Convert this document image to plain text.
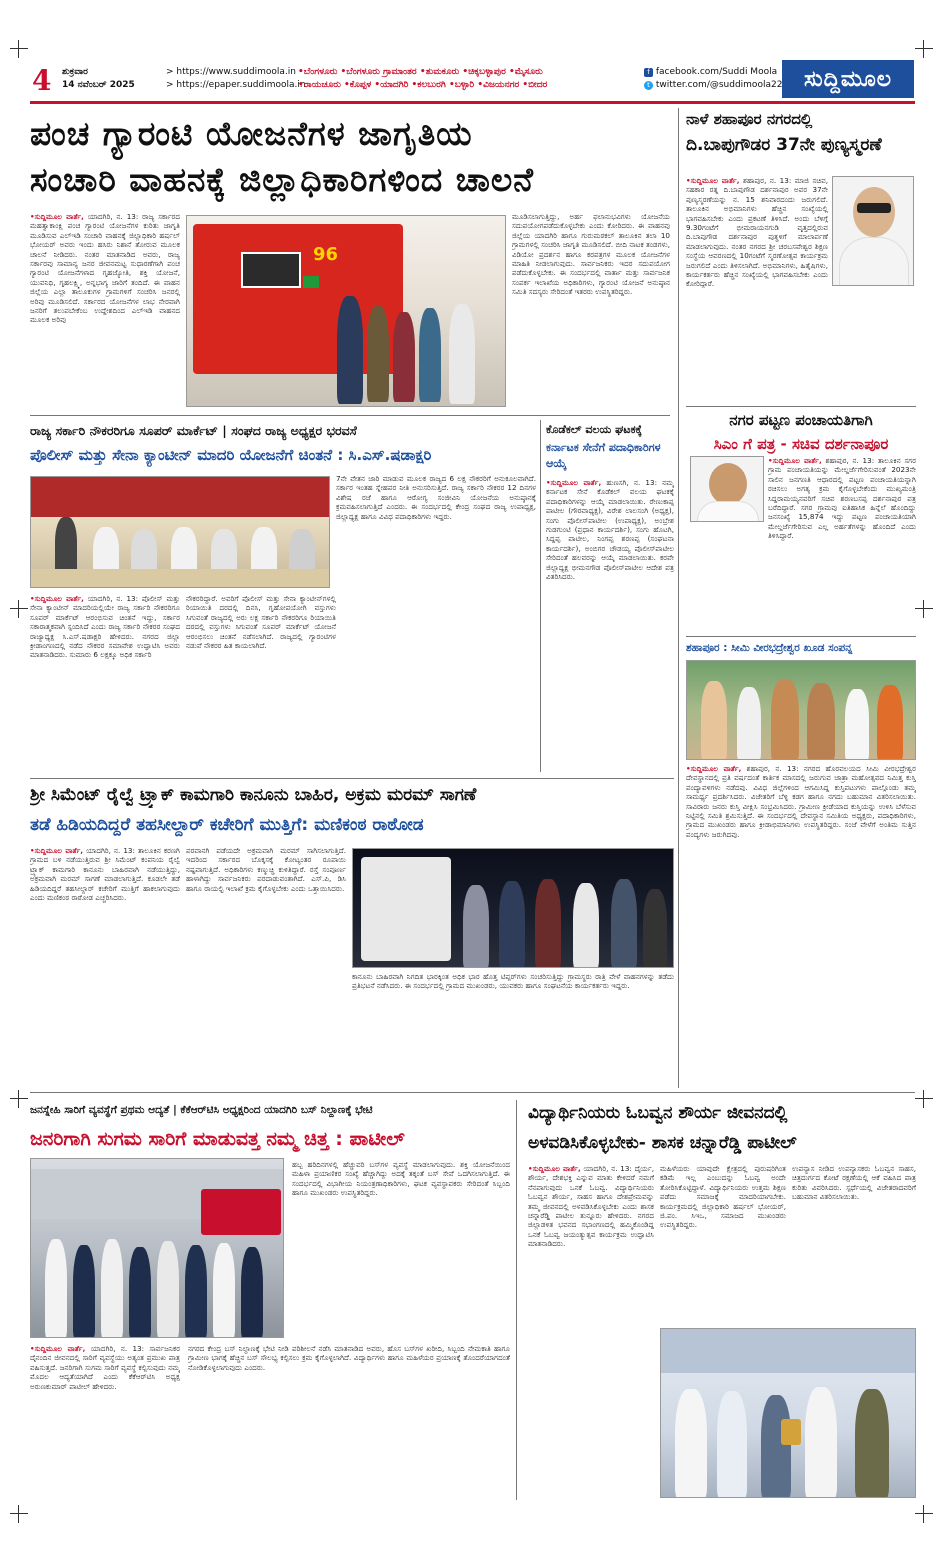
4 ಶುಕ್ರವಾರ
14 ನವೆಂಬರ್ 2025
> https://www.suddimoola.in
> https://epaper.suddimoola.in
•ಬೆಂಗಳೂರು •ಬೆಂಗಳೂರು ಗ್ರಾಮಾಂತರ •ತುಮಕೂರು •ಚಿಕ್ಕಬಳ್ಳಾಪುರ •ಮೈಸೂರು
•ರಾಯಚೂರು •ಕೊಪ್ಪಳ •ಯಾದಗಿರಿ •ಕಲಬುರಗಿ •ಬಳ್ಳಾರಿ •ವಿಜಯನಗರ •ಬೀದರ
f facebook.com/Suddi Moola
t twitter.com/@suddimoola22 ಸುದ್ದಿಮೂಲ
ಪಂಚ ಗ್ಯಾರಂಟಿ ಯೋಜನೆಗಳ ಜಾಗೃತಿಯ
ಸಂಚಾರಿ ವಾಹನಕ್ಕೆ ಜಿಲ್ಲಾಧಿಕಾರಿಗಳಿಂದ ಚಾಲನೆ
•ಸುದ್ದಿಮೂಲ ವಾರ್ತೆ, ಯಾದಗಿರಿ, ನ. 13: ರಾಜ್ಯ ಸರ್ಕಾರದ ಮಹತ್ವಾಕಾಂಕ್ಷಿ ಪಂಚ ಗ್ಯಾರಂಟಿ ಯೋಜನೆಗಳ ಕುರಿತು ಜಾಗೃತಿ ಮೂಡಿಸುವ ಎಲ್‌ಇಡಿ ಸಂಚಾರಿ ವಾಹನಕ್ಕೆ ಜಿಲ್ಲಾಧಿಕಾರಿ ಹರ್ಷಲ್ ಭೋಯರ್ ಅವರು ಇಂದು ಹಸಿರು ನಿಶಾನೆ ತೋರುವ ಮೂಲಕ ಚಾಲನೆ ನೀಡಿದರು. ನಂತರ ಮಾತನಾಡಿದ ಅವರು, ರಾಜ್ಯ ಸರ್ಕಾರವು ಸಾಮಾನ್ಯ ಜನರ ಜೀವನಮಟ್ಟ ಸುಧಾರಣೆಗಾಗಿ ಪಂಚ ಗ್ಯಾರಂಟಿ ಯೋಜನೆಗಳಾದ ಗೃಹಜ್ಯೋತಿ, ಶಕ್ತಿ ಯೋಜನೆ, ಯುವನಿಧಿ, ಗೃಹಲಕ್ಷ್ಮಿ, ಅನ್ನಭಾಗ್ಯ ಜಾರಿಗೆ ತಂದಿದೆ. ಈ ವಾಹನ ಜಿಲ್ಲೆಯ ಎಲ್ಲಾ ತಾಲೂಕುಗಳ ಗ್ರಾಮಗಳಿಗೆ ಸಂಚರಿಸಿ ಜನರಲ್ಲಿ ಅರಿವು ಮೂಡಿಸಲಿದೆ. ಸರ್ಕಾರದ ಯೋಜನೆಗಳ ಲಾಭ ನೇರವಾಗಿ ಜನರಿಗೆ ತಲುಪಬೇಕೆಂಬ ಉದ್ದೇಶದಿಂದ ಎಲ್‌ಇಡಿ ವಾಹನದ ಮೂಲಕ ಅರಿವು
96
ಮೂಡಿಸಲಾಗುತ್ತಿದ್ದು, ಅರ್ಹ ಫಲಾನುಭವಿಗಳು ಯೋಜನೆಯ ಸದುಪಯೋಗಪಡೆದುಕೊಳ್ಳಬೇಕು ಎಂದು ಕೋರಿದರು. ಈ ವಾಹನವು ಜಿಲ್ಲೆಯ ಯಾದಗಿರಿ ಹಾಗೂ ಗುರುಮಠಕಲ್ ತಾಲೂಕಿನ ತಲಾ 10 ಗ್ರಾಮಗಳಲ್ಲಿ ಸಂಚರಿಸಿ ಜಾಗೃತಿ ಮೂಡಿಸಲಿದೆ. ಬೀದಿ ನಾಟಕ ತಂಡಗಳು, ವಿಡಿಯೋ ಪ್ರದರ್ಶನ ಹಾಗೂ ಕರಪತ್ರಗಳ ಮೂಲಕ ಯೋಜನೆಗಳ ಮಾಹಿತಿ ನೀಡಲಾಗುವುದು. ಸಾರ್ವಜನಿಕರು ಇದರ ಸದುಪಯೋಗ ಪಡೆದುಕೊಳ್ಳಬೇಕು. ಈ ಸಂದರ್ಭದಲ್ಲಿ ವಾರ್ತಾ ಮತ್ತು ಸಾರ್ವಜನಿಕ ಸಂಪರ್ಕ ಇಲಾಖೆಯ ಅಧಿಕಾರಿಗಳು, ಗ್ಯಾರಂಟಿ ಯೋಜನೆ ಅನುಷ್ಠಾನ ಸಮಿತಿ ಸದಸ್ಯರು ಸೇರಿದಂತೆ ಇತರರು ಉಪಸ್ಥಿತರಿದ್ದರು.
ನಾಳೆ ಶಹಾಪೂರ ನಗರದಲ್ಲಿ
ದಿ.ಬಾಪುಗೌಡರ 37ನೇ ಪುಣ್ಯಸ್ಮರಣೆ
•ಸುದ್ದಿಮೂಲ ವಾರ್ತೆ, ಶಹಾಪುರ, ನ. 13: ಮಾಜಿ ಸಚಿವ, ಸಹಕಾರ ರತ್ನ ದಿ.ಬಾಪುಗೌಡ ದರ್ಶನಾಪುರ ಅವರ 37ನೇ ಪುಣ್ಯಸ್ಮರಣೆಯನ್ನು ನ. 15 ಶನಿವಾರದಂದು ಜರುಗಲಿದೆ. ತಾಲೂಕಿನ ಅಭಿಮಾನಿಗಳು ಹೆಚ್ಚಿನ ಸಂಖ್ಯೆಯಲ್ಲಿ ಭಾಗವಹಿಸಬೇಕು ಎಂದು ಪ್ರಕಟಣೆ ತಿಳಿಸಿದೆ. ಅಂದು ಬೆಳಿಗ್ಗೆ 9.30ಗಂಟೆಗೆ ಭೀಮರಾಯನಗುಡಿ ವೃತ್ತದಲ್ಲಿರುವ ದಿ.ಬಾಪುಗೌಡ ದರ್ಶನಾಪುರ ಪುತ್ಥಳಿಗೆ ಮಾಲಾರ್ಪಣೆ ಮಾಡಲಾಗುವುದು. ನಂತರ ನಗರದ ಶ್ರೀ ಚರಬಸವೇಶ್ವರ ಶಿಕ್ಷಣ ಸಂಸ್ಥೆಯ ಆವರಣದಲ್ಲಿ 10ಗಂಟೆಗೆ ಸ್ಮರಣೋತ್ಸವ ಕಾರ್ಯಕ್ರಮ ಜರುಗಲಿದೆ ಎಂದು ತಿಳಿಸಲಾಗಿದೆ. ಅಭಿಮಾನಿಗಳು, ಹಿತೈಷಿಗಳು, ಕಾರ್ಯಕರ್ತರು ಹೆಚ್ಚಿನ ಸಂಖ್ಯೆಯಲ್ಲಿ ಭಾಗವಹಿಸಬೇಕು ಎಂದು ಕೋರಿದ್ದಾರೆ.
ನಗರ ಪಟ್ಟಣ ಪಂಚಾಯತಿಗಾಗಿ
ಸಿಎಂ ಗೆ ಪತ್ರ - ಸಚಿವ ದರ್ಶನಾಪೂರ
•ಸುದ್ದಿಮೂಲ ವಾರ್ತೆ, ಶಹಾಪುರ, ನ. 13: ತಾಲೂಕಿನ ಸಗರ ಗ್ರಾಮ ಪಂಚಾಯತಿಯನ್ನು ಮೇಲ್ದರ್ಜೆಗೇರಿಸುವಂತೆ 2023ನೇ ಸಾಲಿನ ಜನಗಣತಿ ಆಧಾರದಲ್ಲಿ ಪಟ್ಟಣ ಪಂಚಾಯತಿಯನ್ನಾಗಿ ರಚಿಸಲು ಅಗತ್ಯ ಕ್ರಮ ಕೈಗೊಳ್ಳಬೇಕೆಂದು ಮುಖ್ಯಮಂತ್ರಿ ಸಿದ್ದರಾಮಯ್ಯನವರಿಗೆ ಸಚಿವ ಶರಣಬಸಪ್ಪ ದರ್ಶನಾಪುರ ಪತ್ರ ಬರೆದಿದ್ದಾರೆ. ಸಗರ ಗ್ರಾಮವು ಐತಿಹಾಸಿಕ ಹಿನ್ನೆಲೆ ಹೊಂದಿದ್ದು ಜನಸಂಖ್ಯೆ 15,874 ಇದ್ದು ಪಟ್ಟಣ ಪಂಚಾಯತಿಯಾಗಿ ಮೇಲ್ದರ್ಜೆಗೇರಿಸುವ ಎಲ್ಲ ಅರ್ಹತೆಗಳನ್ನು ಹೊಂದಿದೆ ಎಂದು ತಿಳಿಸಿದ್ದಾರೆ.
ಶಹಾಪೂರ : ಸೀಮಿ ವೀರಭದ್ರೇಶ್ವರ ಖೂಡ ಸಂಪನ್ನ
•ಸುದ್ದಿಮೂಲ ವಾರ್ತೆ, ಶಹಾಪುರ, ನ. 13: ನಗರದ ಹೊರವಲಯದ ಸೀಮಿ ವೀರಭದ್ರೇಶ್ವರ ದೇವಸ್ಥಾನದಲ್ಲಿ ಪ್ರತಿ ವರ್ಷದಂತೆ ಕಾರ್ತಿಕ ಮಾಸದಲ್ಲಿ ಜರುಗುವ ಜಾತ್ರಾ ಮಹೋತ್ಸವದ ನಿಮಿತ್ತ ಕುಸ್ತಿ ಪಂದ್ಯಾವಳಿಗಳು ನಡೆದವು. ವಿವಿಧ ಜಿಲ್ಲೆಗಳಿಂದ ಆಗಮಿಸಿದ್ದ ಕುಸ್ತಿಪಟುಗಳು ಪಾಲ್ಗೊಂಡು ತಮ್ಮ ಸಾಮರ್ಥ್ಯ ಪ್ರದರ್ಶಿಸಿದರು. ವಿಜೇತರಿಗೆ ಬೆಳ್ಳಿ ಕಡಗ ಹಾಗೂ ನಗದು ಬಹುಮಾನ ವಿತರಿಸಲಾಯಿತು. ಸಾವಿರಾರು ಜನರು ಕುಸ್ತಿ ವೀಕ್ಷಿಸಿ ಸಂಭ್ರಮಿಸಿದರು. ಗ್ರಾಮೀಣ ಕ್ರೀಡೆಯಾದ ಕುಸ್ತಿಯನ್ನು ಉಳಿಸಿ ಬೆಳೆಸುವ ನಿಟ್ಟಿನಲ್ಲಿ ಸಮಿತಿ ಶ್ರಮಿಸುತ್ತಿದೆ. ಈ ಸಂದರ್ಭದಲ್ಲಿ ದೇವಸ್ಥಾನ ಸಮಿತಿಯ ಅಧ್ಯಕ್ಷರು, ಪದಾಧಿಕಾರಿಗಳು, ಗ್ರಾಮದ ಮುಖಂಡರು ಹಾಗೂ ಕ್ರೀಡಾಭಿಮಾನಿಗಳು ಉಪಸ್ಥಿತರಿದ್ದರು. ಸಂಜೆ ವೇಳೆಗೆ ಅಂತಿಮ ಸುತ್ತಿನ ಪಂದ್ಯಗಳು ಜರುಗಿದವು.
ರಾಜ್ಯ ಸರ್ಕಾರಿ ನೌಕರರಿಗೂ ಸೂಪರ್ ಮಾರ್ಕೆಟ್ | ಸಂಘದ ರಾಜ್ಯ ಅಧ್ಯಕ್ಷರ ಭರವಸೆ
ಪೊಲೀಸ್ ಮತ್ತು ಸೇನಾ ಕ್ಯಾಂಟೀನ್ ಮಾದರಿ ಯೋಜನೆಗೆ ಚಿಂತನೆ : ಸಿ.ಎಸ್.ಷಡಾಕ್ಷರಿ
7ನೇ ವೇತನ ಜಾರಿ ಮಾಡುವ ಮೂಲಕ ರಾಜ್ಯದ 6 ಲಕ್ಷ ನೌಕರರಿಗೆ ಅನುಕೂಲವಾಗಿದೆ. ಸರ್ಕಾರ ಇಂತಹ ಸ್ನೇಹಪರ ನೀತಿ ಅನುಸರಿಸುತ್ತಿದೆ. ರಾಜ್ಯ ಸರ್ಕಾರಿ ನೌಕರರ 12 ದಿನಗಳ ವಿಶೇಷ ರಜೆ ಹಾಗೂ ಆರೋಗ್ಯ ಸಂಜೀವಿನಿ ಯೋಜನೆಯ ಅನುಷ್ಠಾನಕ್ಕೆ ಕ್ರಮವಹಿಸಲಾಗುತ್ತಿದೆ ಎಂದರು. ಈ ಸಂದರ್ಭದಲ್ಲಿ ಕೇಂದ್ರ ಸಂಘದ ರಾಜ್ಯ ಉಪಾಧ್ಯಕ್ಷ, ಜಿಲ್ಲಾಧ್ಯಕ್ಷ ಹಾಗೂ ವಿವಿಧ ಪದಾಧಿಕಾರಿಗಳು ಇದ್ದರು.
•ಸುದ್ದಿಮೂಲ ವಾರ್ತೆ, ಯಾದಗಿರಿ, ನ. 13: ಪೊಲೀಸ್ ಮತ್ತು ಸೇನಾ ಕ್ಯಾಂಟೀನ್ ಮಾದರಿಯಲ್ಲಿಯೇ ರಾಜ್ಯ ಸರ್ಕಾರಿ ನೌಕರರಿಗೂ ಸೂಪರ್ ಮಾರ್ಕೆಟ್ ಆರಂಭಿಸುವ ಚಿಂತನೆ ಇದ್ದು, ಸರ್ಕಾರ ಸಕಾರಾತ್ಮಕವಾಗಿ ಸ್ಪಂದಿಸಿದೆ ಎಂದು ರಾಜ್ಯ ಸರ್ಕಾರಿ ನೌಕರರ ಸಂಘದ ರಾಜ್ಯಾಧ್ಯಕ್ಷ ಸಿ.ಎಸ್.ಷಡಾಕ್ಷರಿ ಹೇಳಿದರು. ನಗರದ ಜಿಲ್ಲಾ ಕ್ರೀಡಾಂಗಣದಲ್ಲಿ ನಡೆದ ನೌಕರರ ಸಮಾವೇಶ ಉದ್ಘಾಟಿಸಿ ಅವರು ಮಾತನಾಡಿದರು. ಸುಮಾರು 6 ಲಕ್ಷಕ್ಕೂ ಅಧಿಕ ಸರ್ಕಾರಿ
ನೌಕರರಿದ್ದಾರೆ. ಅವರಿಗೆ ಪೊಲೀಸ್ ಮತ್ತು ಸೇನಾ ಕ್ಯಾಂಟೀನ್‌ಗಳಲ್ಲಿ ರಿಯಾಯಿತಿ ದರದಲ್ಲಿ ದಿನಸಿ, ಗೃಹೋಪಯೋಗಿ ವಸ್ತುಗಳು ಸಿಗುವಂತೆ ರಾಜ್ಯದಲ್ಲಿ ಅರು ಲಕ್ಷ ಸರ್ಕಾರಿ ನೌಕರರಿಗೂ ರಿಯಾಯಿತಿ ದರದಲ್ಲಿ ವಸ್ತುಗಳು ಸಿಗುವಂತೆ ಸೂಪರ್ ಮಾರ್ಕೆಟ್ ಯೋಜನೆ ಆರಂಭಿಸಲು ಚಿಂತನೆ ನಡೆಸಲಾಗಿದೆ. ರಾಜ್ಯದಲ್ಲಿ ಗ್ಯಾರಂಟಿಗಳ ನಡುವೆ ನೌಕರರ ಹಿತ ಕಾಯಲಾಗಿದೆ.
ಕೊಡೆಕಲ್ ವಲಯ ಘಟಕಕ್ಕೆ
ಕರ್ನಾಟಕ ಸೇನೆಗೆ ಪದಾಧಿಕಾರಿಗಳ ಆಯ್ಕೆ
•ಸುದ್ದಿಮೂಲ ವಾರ್ತೆ, ಹುಣಸಗಿ, ನ. 13: ನಮ್ಮ ಕರ್ನಾಟಕ ಸೇನೆ ಕೊಡೆಕಲ್ ವಲಯ ಘಟಕಕ್ಕೆ ಪದಾಧಿಕಾರಿಗಳನ್ನು ಆಯ್ಕೆ ಮಾಡಲಾಯಿತು. ರೇಣುಕಾಪ್ಪ ಪಾಟೀಲ (ಗೌರವಾಧ್ಯಕ್ಷ), ವಿರೇಶ ಲಾಲಸಂಗಿ (ಅಧ್ಯಕ್ಷ), ಸಂಗು ಪೊಲೀಸ್‌ಪಾಟೀಲ (ಉಪಾಧ್ಯಕ್ಷ), ಅಂಬ್ರೇಶ ಗುಡಗುಂಟಿ (ಪ್ರಧಾನ ಕಾರ್ಯದರ್ಶಿ), ಸಂಗು ಹೊಟಗಿ, ಸಿದ್ದಪ್ಪ ಪಾಟೀಲ, ನಿಂಗಪ್ಪ ಶರಣಪ್ಪ (ಸಂಘಟನಾ ಕಾರ್ಯದರ್ಶಿ), ಅಂಬಿಗರ ಚೌಡಯ್ಯ ಪೊಲೀಸ್‌ಪಾಟೀಲ ಸೇರಿದಂತೆ ಹಲವರನ್ನು ಆಯ್ಕೆ ಮಾಡಲಾಯಿತು. ಕರವೇ ಜಿಲ್ಲಾಧ್ಯಕ್ಷ ಭೀಮನಗೌಡ ಪೊಲೀಸ್‌ಪಾಟೀಲ ಆದೇಶ ಪತ್ರ ವಿತರಿಸಿದರು.
ಶ್ರೀ ಸಿಮೆಂಟ್ ರೈಲ್ವೆ ಟ್ರ್ಯಾಕ್ ಕಾಮಗಾರಿ ಕಾನೂನು ಬಾಹಿರ, ಅಕ್ರಮ ಮರಮ್ ಸಾಗಣೆ
ತಡೆ ಹಿಡಿಯದಿದ್ದರೆ ತಹಸೀಲ್ದಾರ್ ಕಚೇರಿಗೆ ಮುತ್ತಿಗೆ: ಮಣಿಕಂಠ ರಾಠೋಡ
•ಸುದ್ದಿಮೂಲ ವಾರ್ತೆ, ಯಾದಗಿರಿ, ನ. 13: ತಾಲೂಕಿನ ಕರಣಗಿ ಗ್ರಾಮದ ಬಳಿ ನಡೆಯುತ್ತಿರುವ ಶ್ರೀ ಸಿಮೆಂಟ್ ಕಂಪನಿಯ ರೈಲ್ವೆ ಟ್ರ್ಯಾಕ್ ಕಾಮಗಾರಿ ಕಾನೂನು ಬಾಹಿರವಾಗಿ ನಡೆಯುತ್ತಿದ್ದು, ಅಕ್ರಮವಾಗಿ ಮರಮ್ ಸಾಗಣೆ ಮಾಡಲಾಗುತ್ತಿದೆ. ಕೂಡಲೇ ತಡೆ ಹಿಡಿಯದಿದ್ದರೆ ತಹಸೀಲ್ದಾರ್ ಕಚೇರಿಗೆ ಮುತ್ತಿಗೆ ಹಾಕಲಾಗುವುದು ಎಂದು ಮಣಿಕಂಠ ರಾಠೋಡ ಎಚ್ಚರಿಸಿದರು.
ಪರವಾನಗಿ ಪಡೆಯದೇ ಅಕ್ರಮವಾಗಿ ಮರಮ್ ಸಾಗಿಸಲಾಗುತ್ತಿದೆ. ಇದರಿಂದ ಸರ್ಕಾರದ ಬೊಕ್ಕಸಕ್ಕೆ ಕೋಟ್ಯಂತರ ರೂಪಾಯಿ ನಷ್ಟವಾಗುತ್ತಿದೆ. ಅಧಿಕಾರಿಗಳು ಕಣ್ಮುಚ್ಚಿ ಕುಳಿತಿದ್ದಾರೆ. ರಸ್ತೆ ಸಂಪೂರ್ಣ ಹಾಳಾಗಿದ್ದು ಸಾರ್ವಜನಿಕರು ಪರದಾಡುವಂತಾಗಿದೆ. ಎಸ್.ಪಿ, ಡಿಸಿ ಹಾಗೂ ರಾಯಲ್ಟಿ ಇಲಾಖೆ ಕ್ರಮ ಕೈಗೊಳ್ಳಬೇಕು ಎಂದು ಒತ್ತಾಯಿಸಿದರು.
ಕಾನೂನು ಬಾಹಿರವಾಗಿ ನಿಗದಿತ ಭಾರಕ್ಕಿಂತ ಅಧಿಕ ಭಾರ ಹೊತ್ತ ಟಿಪ್ಪರ್‌ಗಳು ಸಂಚರಿಸುತ್ತಿದ್ದು ಗ್ರಾಮಸ್ಥರು ರಾತ್ರಿ ವೇಳೆ ವಾಹನಗಳನ್ನು ತಡೆದು ಪ್ರತಿಭಟನೆ ನಡೆಸಿದರು. ಈ ಸಂದರ್ಭದಲ್ಲಿ ಗ್ರಾಮದ ಮುಖಂಡರು, ಯುವಕರು ಹಾಗೂ ಸಂಘಟನೆಯ ಕಾರ್ಯಕರ್ತರು ಇದ್ದರು.
ಜನಸ್ನೇಹಿ ಸಾರಿಗೆ ವ್ಯವಸ್ಥೆಗೆ ಪ್ರಥಮ ಆದ್ಯತೆ | ಕೆಕೆಆರ್‌ಟಿಸಿ ಅಧ್ಯಕ್ಷರಿಂದ ಯಾದಗಿರಿ ಬಸ್ ನಿಲ್ದಾಣಕ್ಕೆ ಭೇಟಿ
ಜನರಿಗಾಗಿ ಸುಗಮ ಸಾರಿಗೆ ಮಾಡುವತ್ತ ನಮ್ಮ ಚಿತ್ತ : ಪಾಟೀಲ್
ಹಬ್ಬ ಹರಿದಿನಗಳಲ್ಲಿ ಹೆಚ್ಚುವರಿ ಬಸ್‌ಗಳ ವ್ಯವಸ್ಥೆ ಮಾಡಲಾಗುವುದು. ಶಕ್ತಿ ಯೋಜನೆಯಿಂದ ಮಹಿಳಾ ಪ್ರಯಾಣಿಕರ ಸಂಖ್ಯೆ ಹೆಚ್ಚಾಗಿದ್ದು ಅದಕ್ಕೆ ತಕ್ಕಂತೆ ಬಸ್ ಸೇವೆ ಒದಗಿಸಲಾಗುತ್ತಿದೆ. ಈ ಸಂದರ್ಭದಲ್ಲಿ ವಿಭಾಗೀಯ ನಿಯಂತ್ರಣಾಧಿಕಾರಿಗಳು, ಘಟಕ ವ್ಯವಸ್ಥಾಪಕರು ಸೇರಿದಂತೆ ಸಿಬ್ಬಂದಿ ಹಾಗೂ ಮುಖಂಡರು ಉಪಸ್ಥಿತರಿದ್ದರು.
•ಸುದ್ದಿಮೂಲ ವಾರ್ತೆ, ಯಾದಗಿರಿ, ನ. 13: ಸಾರ್ವಜನಿಕರ ದೈನಂದಿನ ಜೀವನದಲ್ಲಿ ಸಾರಿಗೆ ವ್ಯವಸ್ಥೆಯು ಅತ್ಯಂತ ಪ್ರಮುಖ ಪಾತ್ರ ವಹಿಸುತ್ತದೆ. ಜನರಿಗಾಗಿ ಸುಗಮ ಸಾರಿಗೆ ವ್ಯವಸ್ಥೆ ಕಲ್ಪಿಸುವುದು ನಮ್ಮ ಮೊದಲ ಆದ್ಯತೆಯಾಗಿದೆ ಎಂದು ಕೆಕೆಆರ್‌ಟಿಸಿ ಅಧ್ಯಕ್ಷ ಅರುಣಕುಮಾರ್ ಪಾಟೀಲ್ ಹೇಳಿದರು.
ನಗರದ ಕೇಂದ್ರ ಬಸ್ ನಿಲ್ದಾಣಕ್ಕೆ ಭೇಟಿ ನೀಡಿ ಪರಿಶೀಲನೆ ನಡೆಸಿ ಮಾತನಾಡಿದ ಅವರು, ಹೊಸ ಬಸ್‌ಗಳ ಖರೀದಿ, ಸಿಬ್ಬಂದಿ ನೇಮಕಾತಿ ಹಾಗೂ ಗ್ರಾಮೀಣ ಭಾಗಕ್ಕೆ ಹೆಚ್ಚಿನ ಬಸ್ ಸೌಲಭ್ಯ ಕಲ್ಪಿಸಲು ಕ್ರಮ ಕೈಗೊಳ್ಳಲಾಗಿದೆ. ವಿದ್ಯಾರ್ಥಿಗಳು ಹಾಗೂ ಮಹಿಳೆಯರ ಪ್ರಯಾಣಕ್ಕೆ ತೊಂದರೆಯಾಗದಂತೆ ನೋಡಿಕೊಳ್ಳಲಾಗುವುದು ಎಂದರು.
ವಿದ್ಯಾರ್ಥಿನಿಯರು ಓಬವ್ವನ ಶೌರ್ಯ ಜೀವನದಲ್ಲಿ
ಅಳವಡಿಸಿಕೊಳ್ಳಬೇಕು- ಶಾಸಕ ಚನ್ನಾರೆಡ್ಡಿ ಪಾಟೀಲ್
•ಸುದ್ದಿಮೂಲ ವಾರ್ತೆ, ಯಾದಗಿರಿ, ನ. 13: ದೈರ್ಯ, ಶೌರ್ಯ, ದೇಶಭಕ್ತಿ ಎನ್ನುವ ಮಾತು ಕೇಳಿದರೆ ನಮಗೆ ನೆನಪಾಗುವುದು ಒನಕೆ ಓಬವ್ವ. ವಿದ್ಯಾರ್ಥಿನಿಯರು ಓಬವ್ವನ ಶೌರ್ಯ, ಸಾಹಸ ಹಾಗೂ ದೇಶಪ್ರೇಮವನ್ನು ತಮ್ಮ ಜೀವನದಲ್ಲಿ ಅಳವಡಿಸಿಕೊಳ್ಳಬೇಕು ಎಂದು ಶಾಸಕ ಚನ್ನಾರೆಡ್ಡಿ ಪಾಟೀಲ ತುನ್ನೂರು ಹೇಳಿದರು. ನಗರದ ಜಿಲ್ಲಾಡಳಿತ ಭವನದ ಸಭಾಂಗಣದಲ್ಲಿ ಹಮ್ಮಿಕೊಂಡಿದ್ದ ಒನಕೆ ಓಬವ್ವ ಜಯಂತ್ಯುತ್ಸವ ಕಾರ್ಯಕ್ರಮ ಉದ್ಘಾಟಿಸಿ ಮಾತನಾಡಿದರು.
ಮಹಿಳೆಯರು ಯಾವುದೇ ಕ್ಷೇತ್ರದಲ್ಲಿ ಪುರುಷರಿಗಿಂತ ಕಡಿಮೆ ಇಲ್ಲ ಎಂಬುದನ್ನು ಓಬವ್ವ ಅಂದೇ ತೋರಿಸಿಕೊಟ್ಟಿದ್ದಾಳೆ. ವಿದ್ಯಾರ್ಥಿನಿಯರು ಉತ್ತಮ ಶಿಕ್ಷಣ ಪಡೆದು ಸಮಾಜಕ್ಕೆ ಮಾದರಿಯಾಗಬೇಕು. ಕಾರ್ಯಕ್ರಮದಲ್ಲಿ ಜಿಲ್ಲಾಧಿಕಾರಿ ಹರ್ಷಲ್ ಭೋಯರ್, ಜಿ.ಪಂ. ಸಿಇಒ, ಸಮಾಜದ ಮುಖಂಡರು ಉಪಸ್ಥಿತರಿದ್ದರು.
ಉಪನ್ಯಾಸ ನೀಡಿದ ಉಪನ್ಯಾಸಕರು ಓಬವ್ವನ ಸಾಹಸ, ಚಿತ್ರದುರ್ಗದ ಕೋಟೆ ರಕ್ಷಣೆಯಲ್ಲಿ ಆಕೆ ವಹಿಸಿದ ಪಾತ್ರ ಕುರಿತು ವಿವರಿಸಿದರು. ಸ್ಪರ್ಧೆಯಲ್ಲಿ ವಿಜೇತರಾದವರಿಗೆ ಬಹುಮಾನ ವಿತರಿಸಲಾಯಿತು.
